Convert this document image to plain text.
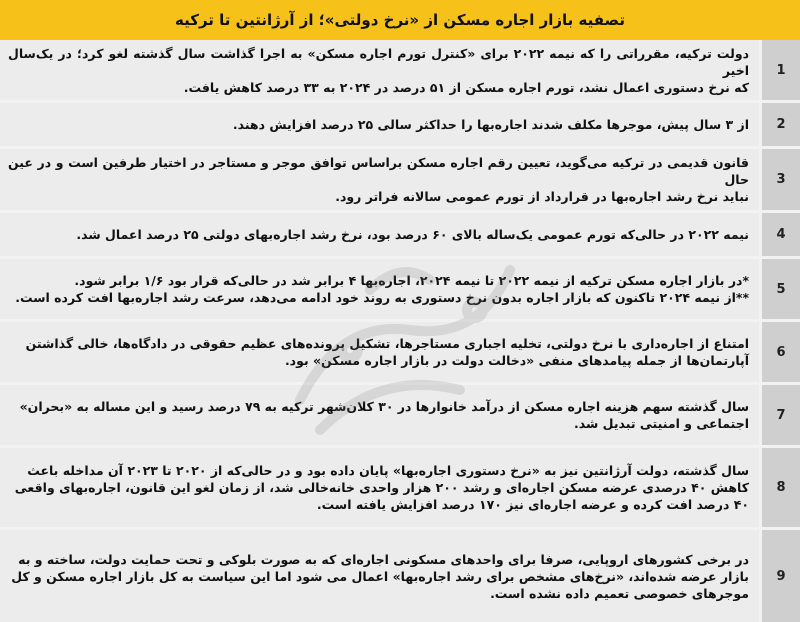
تصفیه بازار اجاره مسکن از «نرخ دولتی»؛ از آرژانتین تا ترکیه
1
دولت ترکیه، مقرراتی را که نیمه ۲۰۲۲ برای «کنترل تورم اجاره مسکن» به اجرا گذاشت سال گذشته لغو کرد؛ در یک‌سال اخیر
که نرخ دستوری اعمال نشد، تورم اجاره مسکن از ۵۱ درصد در ۲۰۲۴ به ۳۳ درصد کاهش یافت.
2
از ۳ سال پیش، موجرها مکلف شدند اجاره‌بها را حداکثر سالی ۲۵ درصد افزایش دهند.
3
قانون قدیمی در ترکیه می‌گوید، تعیین رقم اجاره مسکن براساس توافق موجر و مستاجر در اختیار طرفین است و در عین حال
نباید نرخ رشد اجاره‌بها در قرارداد از تورم عمومی سالانه فراتر رود.
4
نیمه ۲۰۲۲ در حالی‌که تورم عمومی یک‌ساله بالای ۶۰ درصد بود، نرخ رشد اجاره‌بهای دولتی ۲۵ درصد اعمال شد.
5
*در بازار اجاره مسکن ترکیه از نیمه ۲۰۲۲ تا نیمه ۲۰۲۴، اجاره‌بها ۴ برابر شد در حالی‌که قرار بود ۱/۶ برابر شود.
**از نیمه ۲۰۲۴ تاکنون که بازار اجاره بدون نرخ دستوری به روند خود ادامه می‌دهد، سرعت رشد اجاره‌بها افت کرده است.
6
امتناع از اجاره‌داری با نرخ دولتی، تخلیه اجباری مستاجرها، تشکیل پرونده‌های عظیم حقوقی در دادگاه‌ها، خالی گذاشتن
آپارتمان‌ها از جمله پیامدهای منفی «دخالت دولت در بازار اجاره مسکن» بود.
7
سال گذشته سهم هزینه اجاره مسکن از درآمد خانوارها در ۳۰ کلان‌شهر ترکیه به ۷۹ درصد رسید و این مساله به «بحران»
اجتماعی و امنیتی تبدیل شد.
8
سال گذشته، دولت آرژانتین نیز به «نرخ دستوری اجاره‌بها» پایان داده بود و در حالی‌که از ۲۰۲۰ تا ۲۰۲۳ آن مداخله باعث
کاهش ۴۰ درصدی عرضه مسکن اجاره‌ای و رشد ۲۰۰ هزار واحدی خانه‌خالی شد، از زمان لغو این قانون، اجاره‌بهای واقعی
۴۰ درصد افت کرده و عرضه اجاره‌ای نیز ۱۷۰ درصد افزایش یافته است.
9
در برخی کشورهای اروپایی، صرفا برای واحدهای مسکونی اجاره‌ای که به صورت بلوکی و تحت حمایت دولت، ساخته و به
بازار عرضه شده‌اند، «نرخ‌های مشخص برای رشد اجاره‌بها» اعمال می شود اما این سیاست به کل بازار اجاره مسکن و کل
موجرهای خصوصی تعمیم داده نشده است.
